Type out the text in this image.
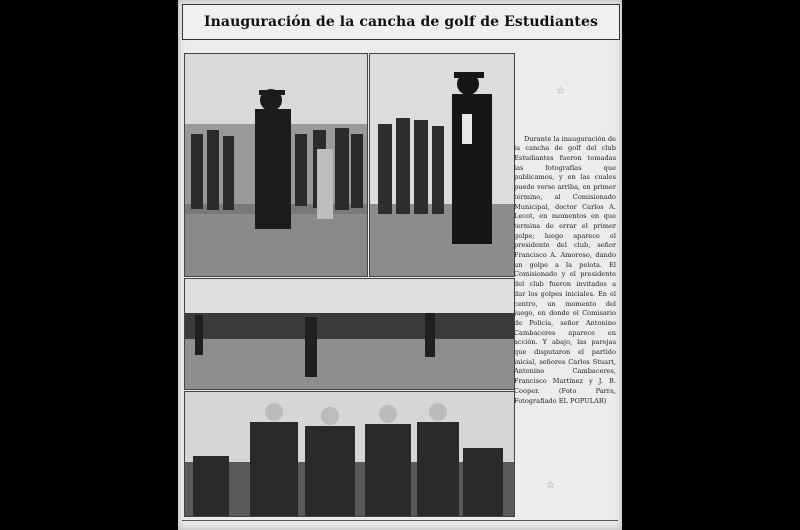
Inauguración de la cancha de golf de Estudiantes
☆

Durante la inauguración de la cancha de golf del club Estudiantes fueron tomadas las fotografías que publicamos, y en las cuales puede verse arriba, en primer término, al Comisionado Municipal, doctor Carlos A. Lecot, en momentos en que termina de errar el primer golpe; luego aparece el presidente del club, señor Francisco A. Amoroso, dando un golpe a la pelota. El Comisionado y el presidente del club fueron invitados a dar los golpes iniciales. En el centro, un momento del juego, en donde el Comisario de Policía, señor Antonino Cambaceres aparece en acción. Y abajo, las parejas que disputaron el partido inicial, señores Carlos Stuart, Antonino Cambaceres, Francisco Martínez y J. B. Cooper. (Foto Parra, Fotografiado EL POPULAR)

☆
